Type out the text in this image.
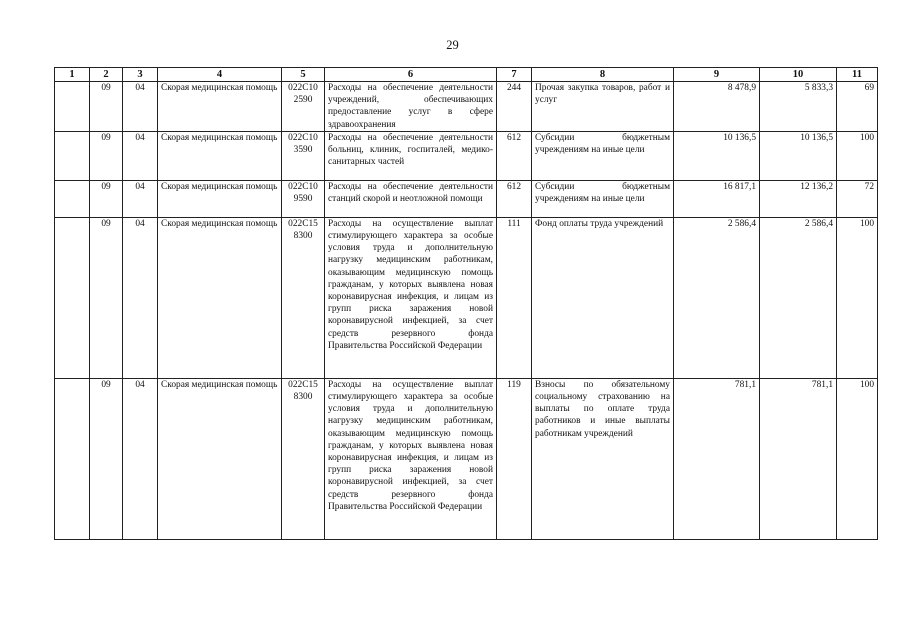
29
1	2	3	4	5	6	7	8	9	10	11
	09	04	Скорая медицинская помощь	022С10 2590	Расходы на обеспечение деятельности учреждений, обеспечивающих предоставление услуг в сфере здравоохранения	244	Прочая закупка товаров, работ и услуг	8 478,9	5 833,3	69
	09	04	Скорая медицинская помощь	022С10 3590	Расходы на обеспечение деятельности больниц, клиник, госпиталей, медико-санитарных частей	612	Субсидии бюджетным учреждениям на иные цели	10 136,5	10 136,5	100
	09	04	Скорая медицинская помощь	022С10 9590	Расходы на обеспечение деятельности станций скорой и неотложной помощи	612	Субсидии бюджетным учреждениям на иные цели	16 817,1	12 136,2	72
	09	04	Скорая медицинская помощь	022С15 8300	Расходы на осуществление выплат стимулирующего характера за особые условия труда и дополнительную нагрузку медицинским работникам, оказывающим медицинскую помощь гражданам, у которых выявлена новая коронавирусная инфекция, и лицам из групп риска заражения новой коронавирусной инфекцией, за счет средств резервного фонда Правительства Российской Федерации	111	Фонд оплаты труда учреждений	2 586,4	2 586,4	100
	09	04	Скорая медицинская помощь	022С15 8300	Расходы на осуществление выплат стимулирующего характера за особые условия труда и дополнительную нагрузку медицинским работникам, оказывающим медицинскую помощь гражданам, у которых выявлена новая коронавирусная инфекция, и лицам из групп риска заражения новой коронавирусной инфекцией, за счет средств резервного фонда Правительства Российской Федерации	119	Взносы по обязательному социальному страхованию на выплаты по оплате труда работников и иные выплаты работникам учреждений	781,1	781,1	100
